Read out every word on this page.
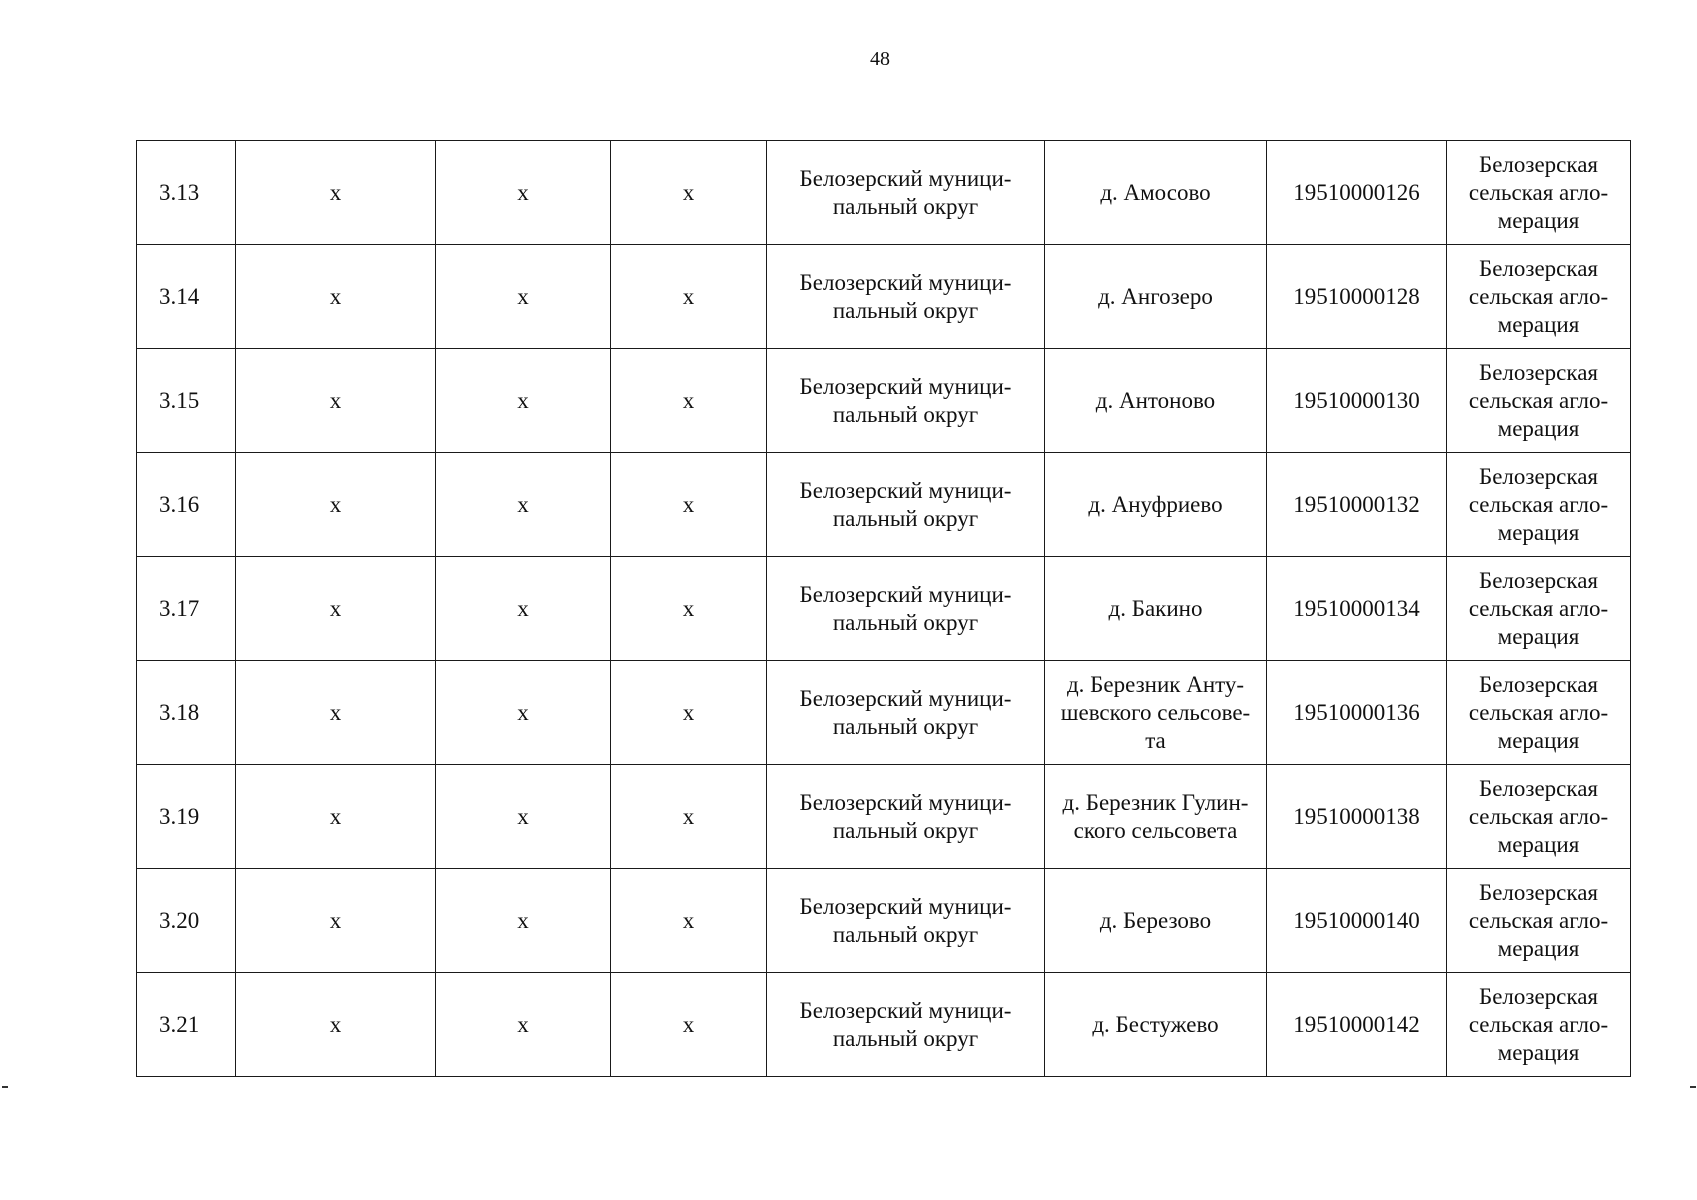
48
3.13	х	х	х	Белозерский муници-
пальный округ	д. Амосово	19510000126	Белозерская
сельская агло-
мерация
3.14	х	х	х	Белозерский муници-
пальный округ	д. Ангозеро	19510000128	Белозерская
сельская агло-
мерация
3.15	х	х	х	Белозерский муници-
пальный округ	д. Антоново	19510000130	Белозерская
сельская агло-
мерация
3.16	х	х	х	Белозерский муници-
пальный округ	д. Ануфриево	19510000132	Белозерская
сельская агло-
мерация
3.17	х	х	х	Белозерский муници-
пальный округ	д. Бакино	19510000134	Белозерская
сельская агло-
мерация
3.18	х	х	х	Белозерский муници-
пальный округ	д. Березник Анту-
шевского сельсове-
та	19510000136	Белозерская
сельская агло-
мерация
3.19	х	х	х	Белозерский муници-
пальный округ	д. Березник Гулин-
ского сельсовета	19510000138	Белозерская
сельская агло-
мерация
3.20	х	х	х	Белозерский муници-
пальный округ	д. Березово	19510000140	Белозерская
сельская агло-
мерация
3.21	х	х	х	Белозерский муници-
пальный округ	д. Бестужево	19510000142	Белозерская
сельская агло-
мерация
